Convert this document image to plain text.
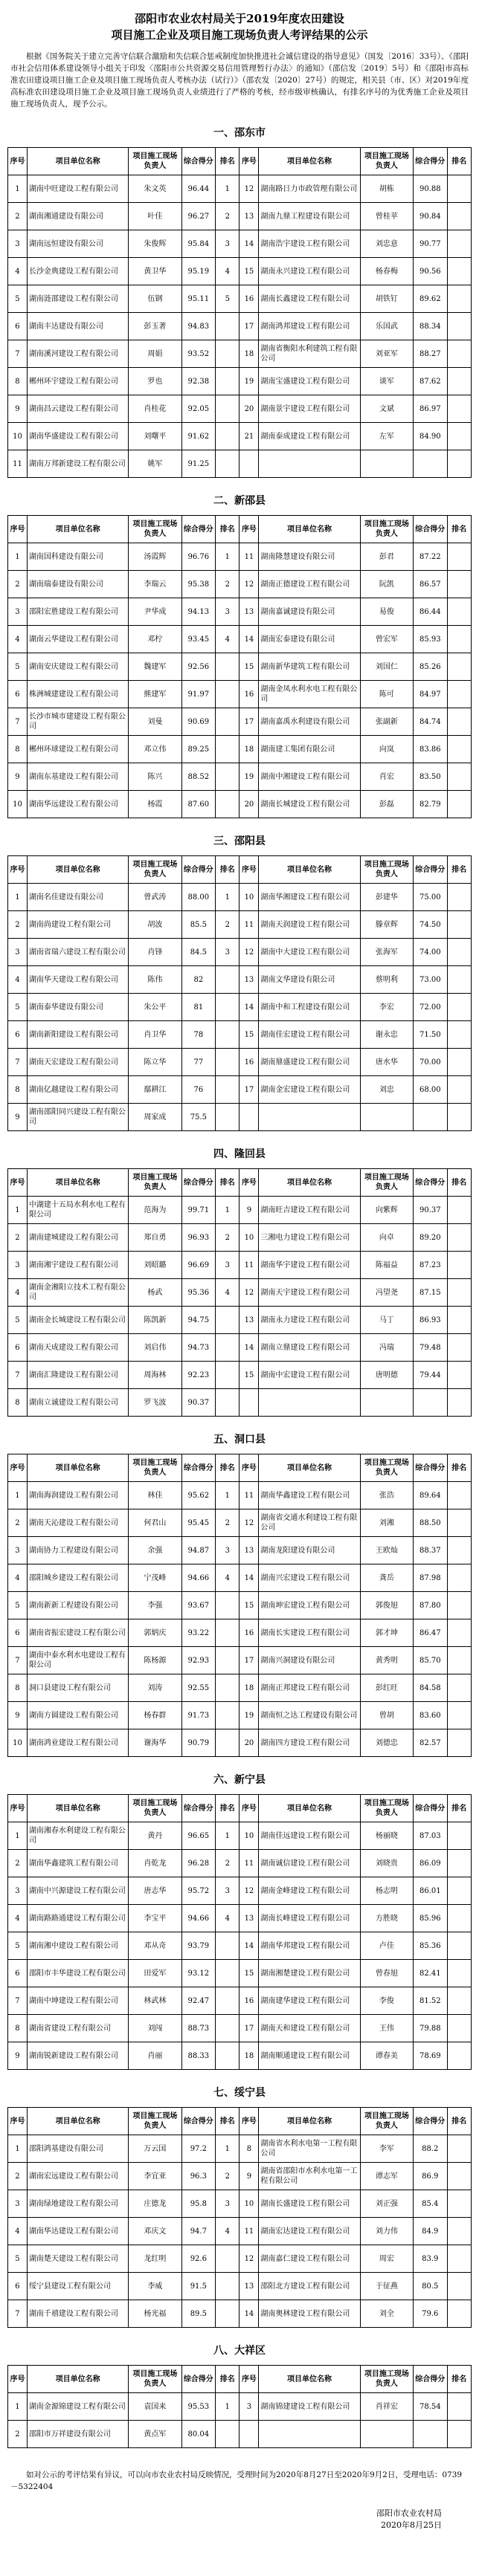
邵阳市农业农村局关于2019年度农田建设
项目施工企业及项目施工现场负责人考评结果的公示

根据《国务院关于建立完善守信联合激励和失信联合惩戒制度加快推进社会诚信建设的指导意见》（国发〔2016〕33号）、《邵阳市社会信用体系建设领导小组关于印发〈邵阳市公共资源交易信用管理暂行办法〉的通知》（邵信发〔2019〕5号）和《邵阳市高标准农田建设项目施工企业及项目施工现场负责人考核办法（试行）》（邵农发〔2020〕27号）的规定，相关县（市、区）对2019年度高标准农田建设项目施工企业及项目施工现场负责人业绩进行了严格的考核，经市级审核确认，有排名序号的为优秀施工企业及项目施工现场负责人，现予公示。

一、邵东市
序号	项目单位名称	项目施工现场负责人	综合得分	排名	序号	项目单位名称	项目施工现场负责人	综合得分	排名
1	湖南中旺建设工程有限公司	朱文英	96.44	1	12	湖南路日力市政管理有限公司	胡栋	90.88	
2	湖南湘通建设有限公司	叶佳	96.27	2	13	湖南九鼎工程建设有限公司	曾桂苹	90.84	
3	湖南远恒建设有限公司	朱俊辉	95.84	3	14	湖南浩宇建设工程有限公司	刘忠意	90.77	
4	长沙金典建设工程有限公司	黄卫华	95.19	4	15	湖南永兴建设工程有限公司	杨春梅	90.56	
5	湖南涟邵建设工程有限公司	伍钢	95.11	5	16	湖南长鑫建设工程有限公司	胡铁钉	89.62	
6	湖南丰达建设有限公司	彭玉著	94.83		17	湖南鸿邦建设工程有限公司	乐国武	88.34	
7	湖南溪河建设工程有限公司	周娟	93.52		18	湖南省衡阳水利建筑工程有限公司	刘亚军	88.27	
8	郴州环宇建设工程有限公司	罗也	92.38		19	湖南宝盛建设工程有限公司	谈军	87.62	
9	湖南昌云建设工程有限公司	肖桂花	92.05		20	湖南景宇建设工程有限公司	文斌	86.97	
10	湖南华盛建设工程有限公司	刘曙平	91.62		21	湖南泰成建设工程有限公司	左军	84.90	
11	湖南万邦新建设工程有限公司	姚军	91.25						
二、新邵县
序号	项目单位名称	项目施工现场负责人	综合得分	排名	序号	项目单位名称	项目施工现场负责人	综合得分	排名
1	湖南国科建设有限公司	汤霞辉	96.76	1	11	湖南隆慧建设有限公司	彭君	87.22	
2	湖南瑞泰建设有限公司	李瑞云	95.38	2	12	湖南正德建设工程有限公司	阮凯	86.57	
3	邵阳宏胜建设工程有限公司	尹华成	94.13	3	13	湖南嘉诚建设有限公司	易俊	86.44	
4	湖南云华建设工程有限公司	邓柠	93.45	4	14	湖南宏泰建设有限公司	曾宏军	85.93	
5	湖南安庆建设工程有限公司	魏建军	92.56		15	湖南新华建筑工程有限公司	刘国仁	85.26	
6	株洲城建建设工程有限公司	熊建军	91.97		16	湖南金凤水利水电工程有限公司	陈可	84.97	
7	长沙市城市建建设工程有限公司	刘曼	90.69		17	湖南嘉禹水利建设有限公司	张副新	84.74	
8	郴州环球建设工程有限公司	邓立伟	89.25		18	湖南建工集团有限公司	向岚	83.86	
9	湖南东基建设工程有限公司	陈兴	88.52		19	湖南中湘建设工程有限公司	肖宏	83.50	
10	湖南华远建设工程有限公司	杨霞	87.60		20	湖南长城建设工程有限公司	彭磊	82.79	
三、邵阳县
序号	项目单位名称	项目施工现场负责人	综合得分	排名	序号	项目单位名称	项目施工现场负责人	综合得分	排名
1	湖南名佳建设有限公司	曾武涛	88.00	1	10	湖南华湘建设工程有限公司	彭建华	75.00	
2	湖南尚建设工程有限公司	胡波	85.5	2	11	湖南天润建设工程有限公司	滕章辉	74.50	
3	湖南省瑞六建设工程有限公司	肖锋	84.5	3	12	湖南中大建设工程有限公司	张海军	74.00	
4	湖南华天建设工程有限公司	陈伟	82		13	湖南文华建设有限公司	蔡明利	73.00	
5	湖南泰华建设有限公司	朱公平	81		14	湖南中和工程建设有限公司	李宏	72.00	
6	湖南新阳建设工程有限公司	肖卫华	78		15	湖南佳宏建设工程有限公司	谢永忠	71.50	
7	湖南天宏建设工程有限公司	陈立华	77		16	湖南鼎盛建设工程有限公司	唐水华	70.00	
8	湖南亿越建设工程有限公司	鄢耕江	76		17	湖南金宏建设工程有限公司	刘忠	68.00	
9	湖南邵阳同兴建设工程有限公司	周家成	75.5						
四、隆回县
序号	项目单位名称	项目施工现场负责人	综合得分	排名	序号	项目单位名称	项目施工现场负责人	综合得分	排名
1	中湖建十五局水利水电工程有限公司	范海为	99.71	1	9	湖南旺吉建设工程有限公司	向紫辉	90.37	
2	湖南建城建设工程有限公司	郑自勇	96.93	2	10	三湘电力建设工程有限公司	向卓	89.20	
3	湖南湘宇建设工程有限公司	刘昭璐	96.69	3	11	湖南华宇建设工程有限公司	陈福益	87.23	
4	湖南金湘阳立技术工程有限公司	杨武	95.36	4	12	湖南天宇建设工程有限公司	冯望尧	87.15	
5	湖南金长城建设工程有限公司	陈凯新	94.75		13	湖南永力建设工程有限公司	马丁	86.93	
6	湖南天成建设工程有限公司	刘启伟	94.73		14	湖南立鼎建设工程有限公司	冯瑞	79.48	
7	湖南汇隆建设工程有限公司	周海林	92.23		15	湖南中宏建设工程有限公司	唐明德	79.44	
8	湖南立诚建设工程有限公司	罗飞波	90.37						
五、洞口县
序号	项目单位名称	项目施工现场负责人	综合得分	排名	序号	项目单位名称	项目施工现场负责人	综合得分	排名
1	湖南海润建设工程有限公司	林佳	95.62	1	11	湖南华鑫建设工程有限公司	张浩	89.64	
2	湖南天沁建设工程有限公司	何君山	95.45	2	12	湖南省交通水利建设工程有限公司	刘湘	88.50	
3	湖南协力工程建设有限公司	余强	94.87	3	13	湖南龙阳建设有限公司	王欧灿	88.37	
4	邵阳城乡建设工程有限公司	宁茂峰	94.66	4	14	湖南兴宏建设工程有限公司	龚岳	87.98	
5	湖南新新工程建设有限公司	李强	93.67		15	湖南坤宏建设工程有限公司	郭俊旭	87.80	
6	湖南省振宏建设工程有限公司	郭炳庆	93.22		16	湖南长实建设工程有限公司	郭才坤	86.47	
7	湖南中泰水利水电建设工程有限公司	陈杨源	92.93		17	湖南兴洞建设有限公司	黄秀明	85.70	
8	洞口县建设工程有限公司	刘涛	92.55		18	湖南正邦建设工程有限公司	彭红旺	84.58	
9	湖南方圆建设工程有限公司	杨春群	91.73		19	湖南恒之达工程建设有限公司	曾胡	83.60	
10	湖南鸿业建设工程有限公司	谢海华	90.79		20	湖南四方建设工程有限公司	刘德忠	82.57	
六、新宁县
序号	项目单位名称	项目施工现场负责人	综合得分	排名	序号	项目单位名称	项目施工现场负责人	综合得分	排名
1	湖南湘春水利建设工程有限公司	黄丹	96.65	1	10	湖南佳远建设工程有限公司	杨丽晓	87.03	
2	湖南华鑫建筑工程有限公司	肖乾龙	96.28	2	11	湖南诚信建设工程有限公司	刘晓贵	86.09	
3	湖南中兴源建设工程有限公司	唐志华	95.72	3	12	湖南金峰建设工程有限公司	杨志明	86.01	
4	湖南路路通建设工程有限公司	李宝平	94.66	4	13	湖南长峰建设工程有限公司	方胜晓	85.96	
5	湖南湘中建设工程有限公司	邓从奇	93.79		14	湖南华邦建设工程有限公司	卢佳	85.36	
6	邵阳市丰华建设工程有限公司	田爱军	93.12		15	湖南湘楚建设工程有限公司	曾春旭	82.41	
7	湖南中坤建设工程有限公司	林武林	92.47		16	湖南建华建设工程有限公司	李俊	81.52	
8	湖南省建设工程有限公司	刘闯	88.73		17	湖南天和建设工程有限公司	王伟	79.88	
9	湖南锐新建设工程有限公司	肖丽	88.33		18	湖南顺通建设工程有限公司	谭春美	78.69	
七、绥宁县
序号	项目单位名称	项目施工现场负责人	综合得分	排名	序号	项目单位名称	项目施工现场负责人	综合得分	排名
1	邵阳鸿基建设有限公司	万云国	97.2	1	8	湖南省水利水电第一工程有限公司	李军	88.2	
2	湖南宏远建设工程有限公司	李宜亚	96.3	2	9	湖南省邵阳市水利水电第一工程有限公司	谭志军	86.9	
3	湖南绿地建设工程有限公司	庄德龙	95.8	3	10	湖南长盛建设工程有限公司	刘正强	85.4	
4	湖南华达建设工程有限公司	邓庆文	94.7	4	11	湖南宏达建设工程有限公司	刘力伟	84.9	
5	湖南楚天建设工程有限公司	龙红明	92.6		12	湖南嘉仁建设工程有限公司	周宏	83.9	
6	绥宁县建设工程有限公司	李威	91.5		13	邵阳北方建设工程有限公司	于征燕	80.5	
7	湖南千禧建设工程有限公司	杨光福	89.5		14	湖南奥林建设工程有限公司	刘全	79.6	
八、大祥区
序号	项目单位名称	项目施工现场负责人	综合得分	排名	序号	项目单位名称	项目施工现场负责人	综合得分	排名
1	湖南金源锦建设工程有限公司	袁国来	95.53	1	3	湖南锦建建设工程有限公司	肖祥宏	78.54	
2	邵阳市万祥建设有限公司	黄点军	80.04						

如对公示的考评结果有异议，可以向市农业农村局反映情况，受理时间为2020年8月27日至2020年9月2日，受理电话：0739－5322404

邵阳市农业农村局
2020年8月25日
